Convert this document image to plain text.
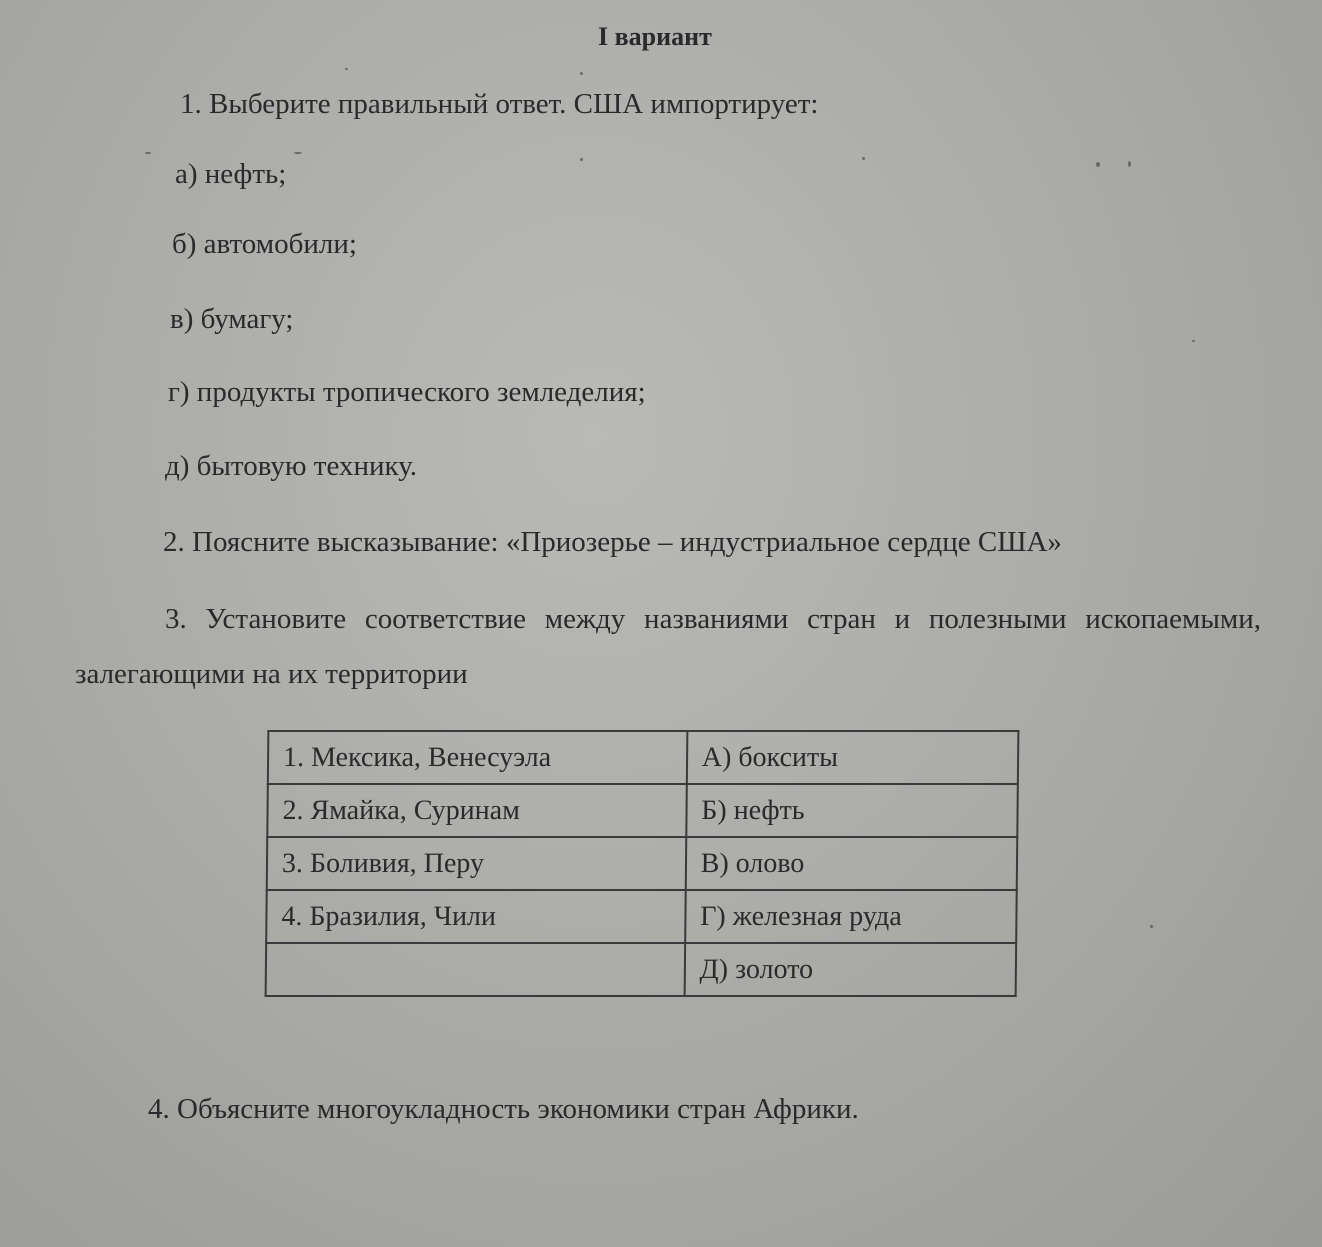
I вариант
1. Выберите правильный ответ. США импортирует:
а) нефть;
б) автомобили;
в) бумагу;
г) продукты тропического земледелия;
д) бытовую технику.
2. Поясните высказывание: «Приозерье – индустриальное сердце США»
3. Установите соответствие между названиями стран и полезными ископаемыми,
залегающими на их территории
1. Мексика, Венесуэла	А) бокситы
2. Ямайка, Суринам	Б) нефть
3. Боливия, Перу	В) олово
4. Бразилия, Чили	Г) железная руда
	Д) золото
4. Объясните многоукладность экономики стран Африки.
